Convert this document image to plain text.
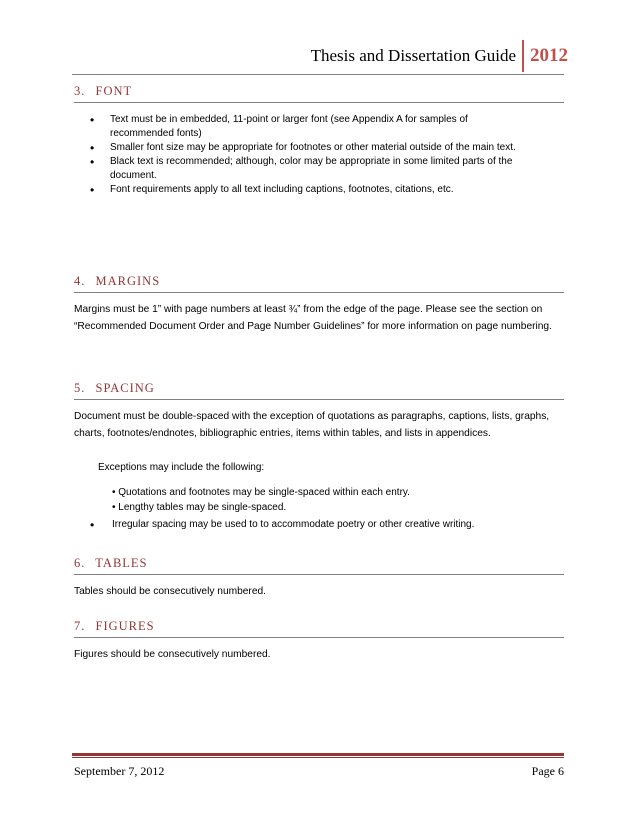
Thesis and Dissertation Guide 2012
3. FONT
• Text must be in embedded, 11-point or larger font (see Appendix A for samples of recommended fonts)
• Smaller font size may be appropriate for footnotes or other material outside of the main text.
• Black text is recommended; although, color may be appropriate in some limited parts of the document.
• Font requirements apply to all text including captions, footnotes, citations, etc.
4. MARGINS
Margins must be 1” with page numbers at least ¾” from the edge of the page. Please see the section on “Recommended Document Order and Page Number Guidelines” for more information on page numbering.
5. SPACING
Document must be double-spaced with the exception of quotations as paragraphs, captions, lists, graphs, charts, footnotes/endnotes, bibliographic entries, items within tables, and lists in appendices.
Exceptions may include the following:
• Quotations and footnotes may be single-spaced within each entry.
• Lengthy tables may be single-spaced.
• Irregular spacing may be used to to accommodate poetry or other creative writing.
6. TABLES
Tables should be consecutively numbered.
7. FIGURES
Figures should be consecutively numbered.
September 7, 2012	Page 6
